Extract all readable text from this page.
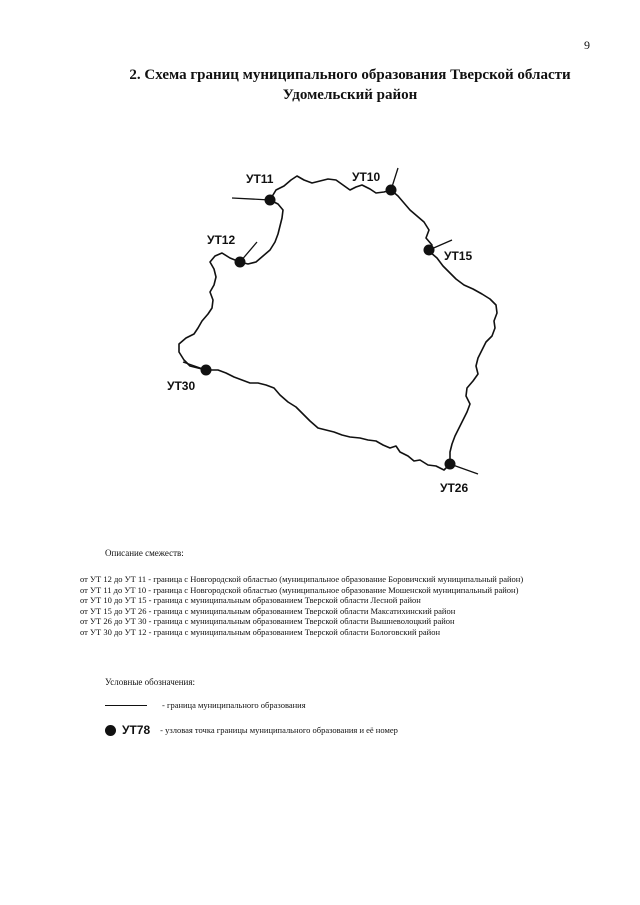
9
2. Схема границ муниципального образования Тверской области
Удомельский район
УТ11	УТ10
УТ12
УТ15
УТ30
УТ26
Описание смежеств:
от УТ 12 до УТ 11 - граница с Новгородской областью (муниципальное образование Боровичский муниципальный район)
от УТ 11 до УТ 10 - граница с Новгородской областью (муниципальное образование Мошенской муниципальный район)
от УТ 10 до УТ 15 - граница с муниципальным образованием Тверской области Лесной район
от УТ 15 до УТ 26 - граница с муниципальным образованием Тверской области Максатихинский район
от УТ 26 до УТ 30 - граница с муниципальным образованием Тверской области Вышневолоцкий район
от УТ 30 до УТ 12 - граница с муниципальным образованием Тверской области Бологовский район
Условные обозначения:
- граница муниципального образования
УТ78 - узловая точка границы муниципального образования и её номер
